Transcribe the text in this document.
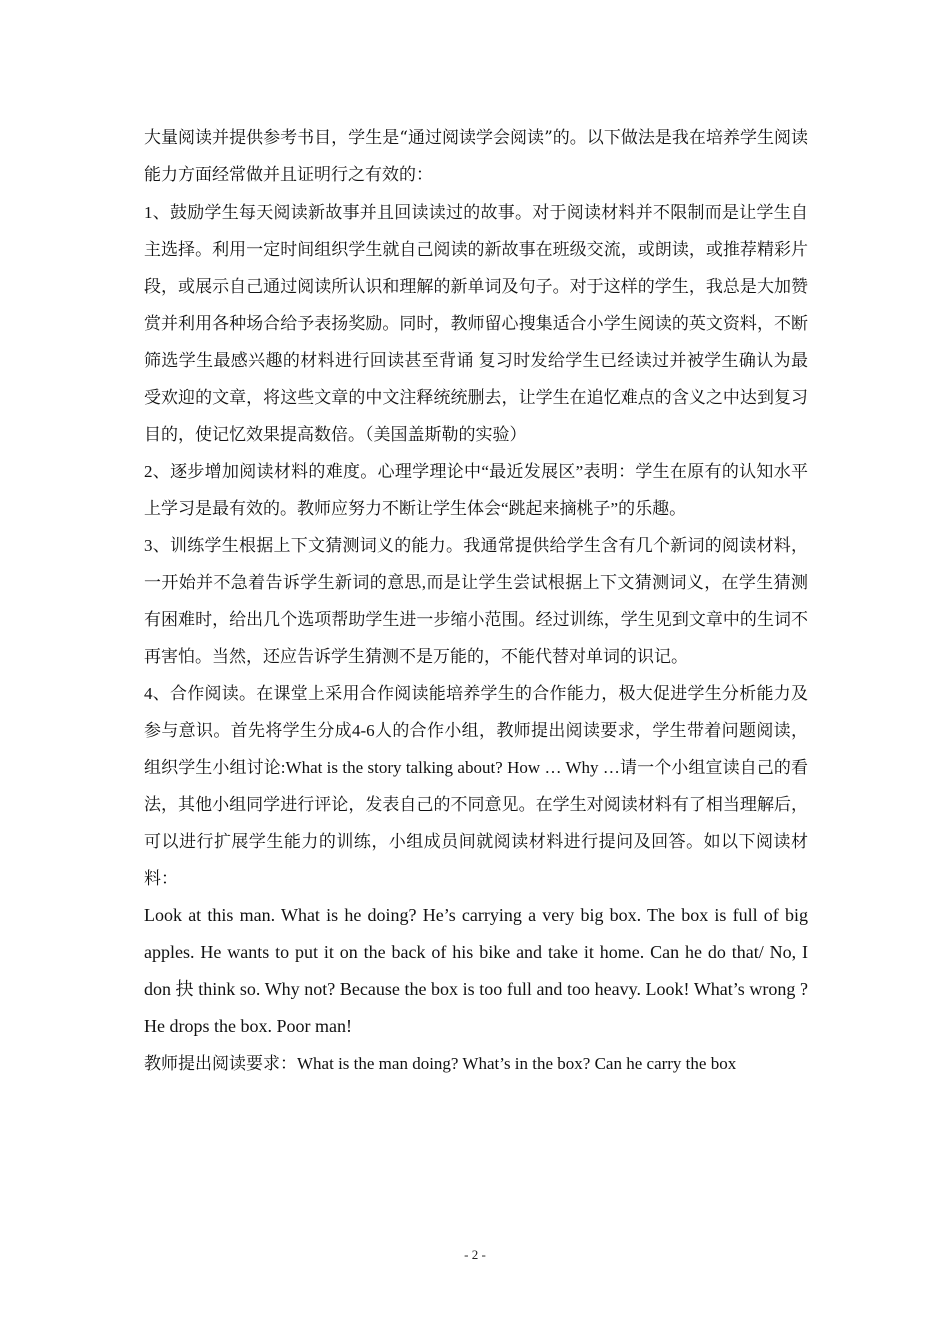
大量阅读并提供参考书目，学生是“通过阅读学会阅读”的。以下做法是我在培养学生阅读能力方面经常做并且证明行之有效的：

1、鼓励学生每天阅读新故事并且回读读过的故事。对于阅读材料并不限制而是让学生自主选择。利用一定时间组织学生就自己阅读的新故事在班级交流，或朗读，或推荐精彩片段，或展示自己通过阅读所认识和理解的新单词及句子。对于这样的学生，我总是大加赞赏并利用各种场合给予表扬奖励。同时，教师留心搜集适合小学生阅读的英文资料，不断筛选学生最感兴趣的材料进行回读甚至背诵 复习时发给学生已经读过并被学生确认为最受欢迎的文章，将这些文章的中文注释统统删去，让学生在追忆难点的含义之中达到复习目的，使记忆效果提高数倍。（美国盖斯勒的实验）

2、逐步增加阅读材料的难度。心理学理论中“最近发展区”表明：学生在原有的认知水平上学习是最有效的。教师应努力不断让学生体会“跳起来摘桃子”的乐趣。

3、训练学生根据上下文猜测词义的能力。我通常提供给学生含有几个新词的阅读材料，一开始并不急着告诉学生新词的意思,而是让学生尝试根据上下文猜测词义，在学生猜测有困难时，给出几个选项帮助学生进一步缩小范围。经过训练，学生见到文章中的生词不再害怕。当然，还应告诉学生猜测不是万能的，不能代替对单词的识记。

4、合作阅读。在课堂上采用合作阅读能培养学生的合作能力，极大促进学生分析能力及参与意识。首先将学生分成4-6人的合作小组，教师提出阅读要求，学生带着问题阅读，组织学生小组讨论:What is the story talking about? How … Why …请一个小组宣读自己的看法，其他小组同学进行评论，发表自己的不同意见。在学生对阅读材料有了相当理解后，可以进行扩展学生能力的训练，小组成员间就阅读材料进行提问及回答。如以下阅读材料：

Look at this man. What is he doing? He’s carrying a very big box. The box is full of big apples. He wants to put it on the back of his bike and take it home. Can he do that/ No, I don 抉 think so. Why not? Because the box is too full and too heavy. Look! What’s wrong ? He drops the box. Poor man!

教师提出阅读要求：What is the man doing? What’s in the box? Can he carry the box

- 2 -
